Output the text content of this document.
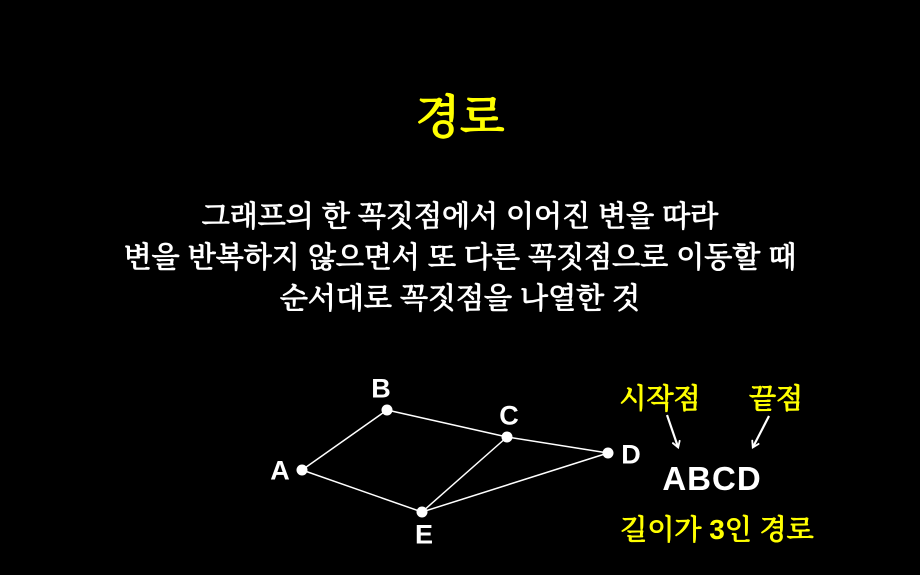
경로
그래프의 한 꼭짓점에서 이어진 변을 따라
변을 반복하지 않으면서 또 다른 꼭짓점으로 이동할 때
순서대로 꼭짓점을 나열한 것
A
B
C
D
E
시작점 끝점
ABCD
길이가 3인 경로
